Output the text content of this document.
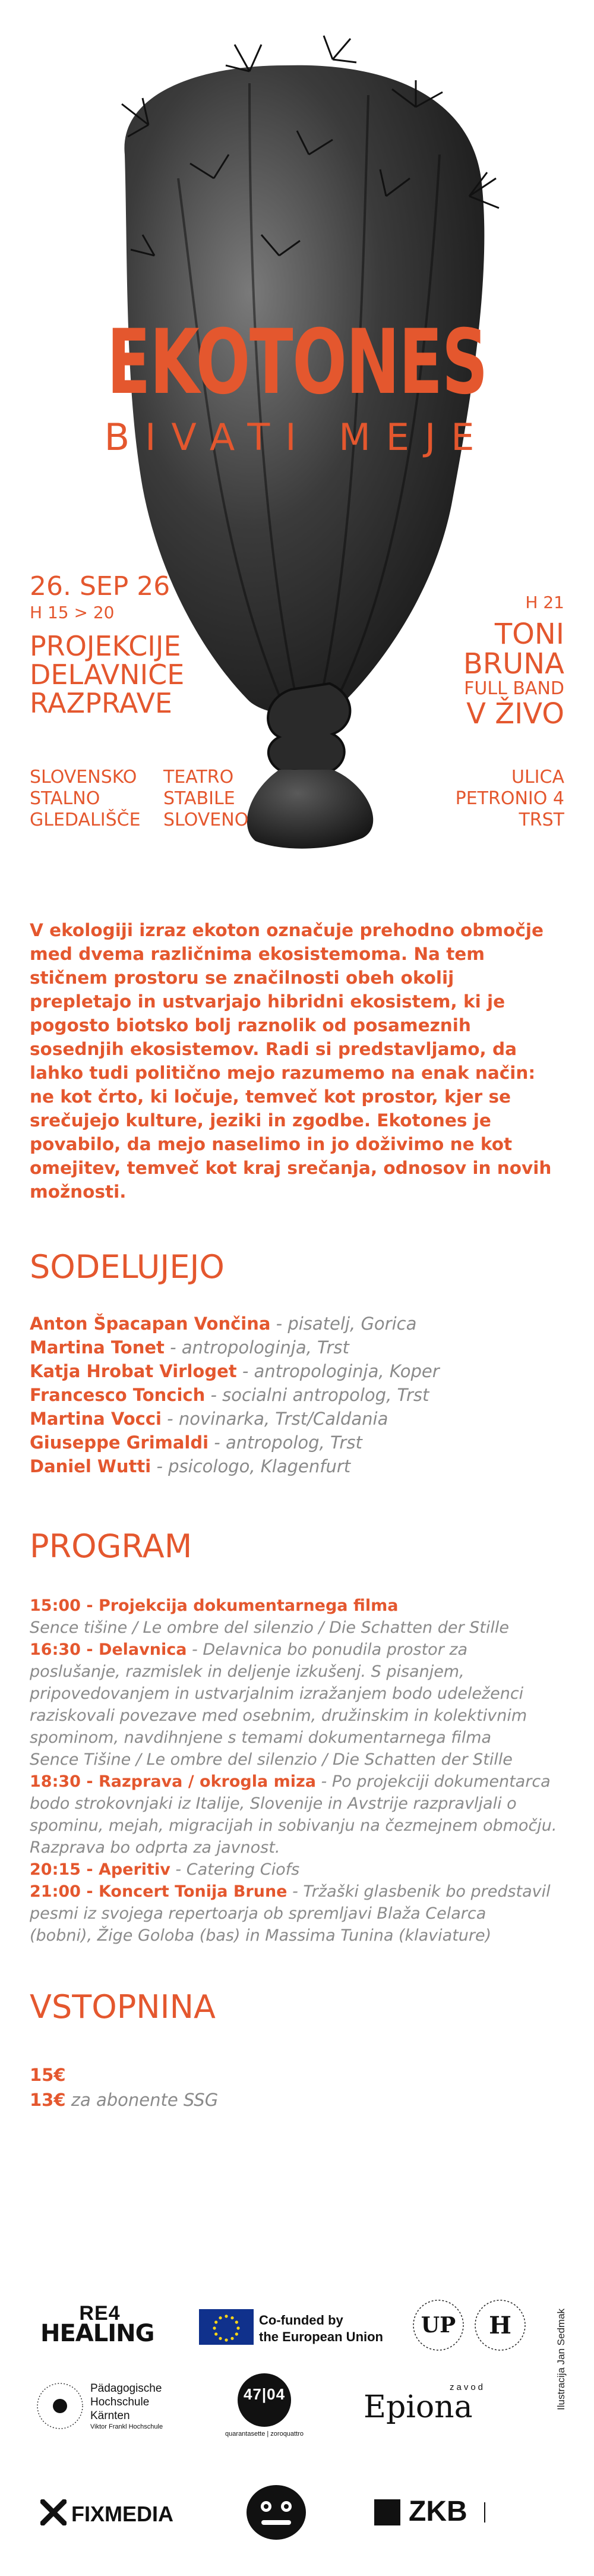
EKOTONES
BIVATI MEJE
26. SEP 26
H 15 > 20
PROJEKCIJE
DELAVNICE
RAZPRAVE
SLOVENSKO
STALNO
GLEDALIŠČE
TEATRO
STABILE
SLOVENO
H 21
TONI
BRUNA
FULL BAND
V ŽIVO
ULICA
PETRONIO 4
TRST
V ekologiji izraz ekoton označuje prehodno območje med dvema različnima ekosistemoma. Na tem stičnem prostoru se značilnosti obeh okolij prepletajo in ustvarjajo hibridni ekosistem, ki je pogosto biotsko bolj raznolik od posameznih sosednjih ekosistemov. Radi si predstavljamo, da lahko tudi politično mejo razumemo na enak način: ne kot črto, ki ločuje, temveč kot prostor, kjer se srečujejo kulture, jeziki in zgodbe. Ekotones je povabilo, da mejo naselimo in jo doživimo ne kot omejitev, temveč kot kraj srečanja, odnosov in novih možnosti.
SODELUJEJO
Anton Špacapan Vončina - pisatelj, Gorica
Martina Tonet - antropologinja, Trst
Katja Hrobat Virloget - antropologinja, Koper
Francesco Toncich - socialni antropolog, Trst
Martina Vocci - novinarka, Trst/Caldania
Giuseppe Grimaldi - antropolog, Trst
Daniel Wutti - psicologo, Klagenfurt
PROGRAM
15:00 - Projekcija dokumentarnega filma
Sence tišine / Le ombre del silenzio / Die Schatten der Stille
16:30 - Delavnica - Delavnica bo ponudila prostor za
poslušanje, razmislek in deljenje izkušenj. S pisanjem,
pripovedovanjem in ustvarjalnim izražanjem bodo udeleženci
raziskovali povezave med osebnim, družinskim in kolektivnim
spominom, navdihnjene s temami dokumentarnega filma
Sence Tišine / Le ombre del silenzio / Die Schatten der Stille
18:30 - Razprava / okrogla miza - Po projekciji dokumentarca
bodo strokovnjaki iz Italije, Slovenije in Avstrije razpravljali o
spominu, mejah, migracijah in sobivanju na čezmejnem območju.
Razprava bo odprta za javnost.
20:15 - Aperitiv - Catering Ciofs
21:00 - Koncert Tonija Brune - Tržaški glasbenik bo predstavil
pesmi iz svojega repertoarja ob spremljavi Blaža Celarca
(bobni), Žige Goloba (bas) in Massima Tunina (klaviature)
VSTOPNINA
15€
13€ za abonente SSG
RE4
HEALING	Co-funded by
the European Union UP H
Pädagogische
Hochschule
Kärnten
Viktor Frankl Hochschule
47|04
quarantasette | zoroquattro
zavod
Epiona
FIXMEDIA	ZKB
Ilustracija Jan Sedmak
